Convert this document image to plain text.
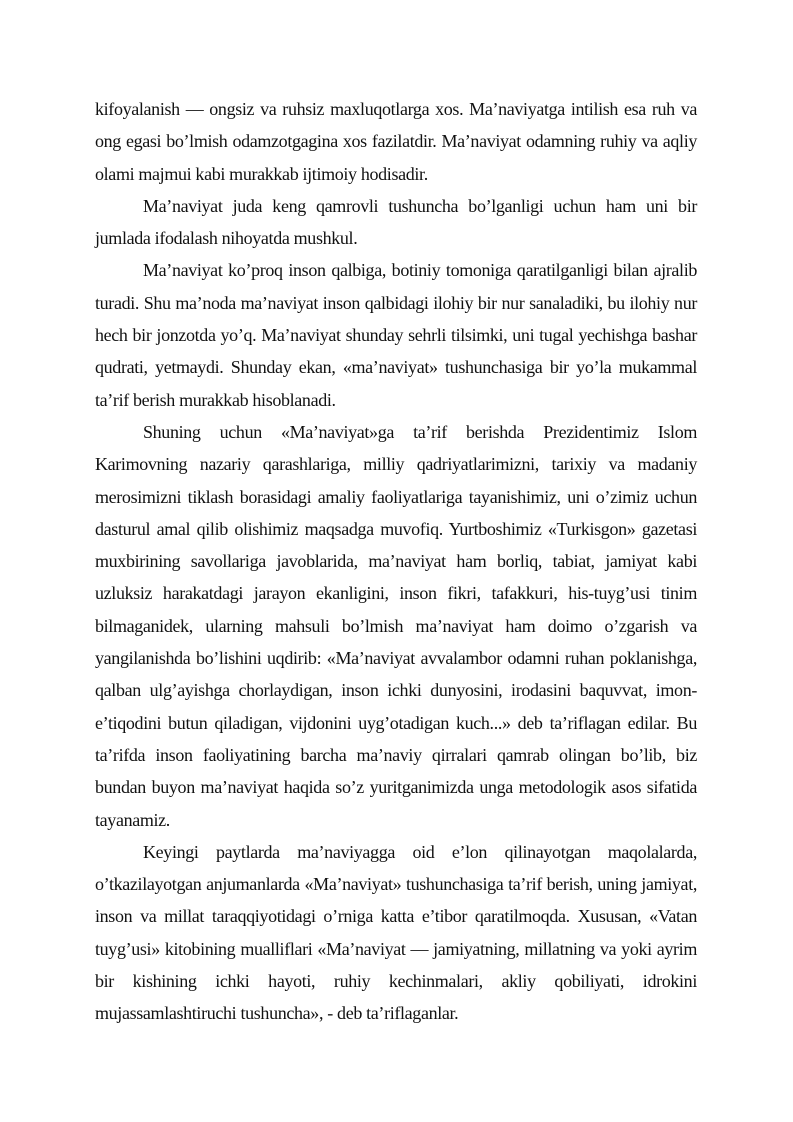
kifoyalanish — ongsiz va ruhsiz maxluqotlarga xos. Ma’naviyatga intilish esa ruh va ong egasi bo’lmish odamzotgagina xos fazilatdir. Ma’naviyat odamning ruhiy va aqliy olami majmui kabi murakkab ijtimoiy hodisadir.

Ma’naviyat juda keng qamrovli tushuncha bo’lganligi uchun ham uni bir jumlada ifodalash nihoyatda mushkul.

Ma’naviyat ko’proq inson qalbiga, botiniy tomoniga qaratilganligi bilan ajralib turadi. Shu ma’noda ma’naviyat inson qalbidagi ilohiy bir nur sanaladiki, bu ilohiy nur hech bir jonzotda yo’q. Ma’naviyat shunday sehrli tilsimki, uni tugal yechishga bashar qudrati, yetmaydi. Shunday ekan, «ma’naviyat» tushunchasiga bir yo’la mukammal ta’rif berish murakkab hisoblanadi.

Shuning uchun «Ma’naviyat»ga ta’rif berishda Prezidentimiz Islom Karimovning nazariy qarashlariga, milliy qadriyatlarimizni, tarixiy va madaniy merosimizni tiklash borasidagi amaliy faoliyatlariga tayanishimiz, uni o’zimiz uchun dasturul amal qilib olishimiz maqsadga muvofiq. Yurtboshimiz «Turkisgon» gazetasi muxbirining savollariga javoblarida, ma’naviyat ham borliq, tabiat, jamiyat kabi uzluksiz harakatdagi jarayon ekanligini, inson fikri, tafakkuri, his-tuyg’usi tinim bilmaganidek, ularning mahsuli bo’lmish ma’naviyat ham doimo o’zgarish va yangilanishda bo’lishini uqdirib: «Ma’naviyat avvalambor odamni ruhan poklanishga, qalban ulg’ayishga chorlaydigan, inson ichki dunyosini, irodasini baquvvat, imon-e’tiqodini butun qiladigan, vijdonini uyg’otadigan kuch...» deb ta’riflagan edilar. Bu ta’rifda inson faoliyatining barcha ma’naviy qirralari qamrab olingan bo’lib, biz bundan buyon ma’naviyat haqida so’z yuritganimizda unga metodologik asos sifatida tayanamiz.

Keyingi paytlarda ma’naviyagga oid e’lon qilinayotgan maqolalarda, o’tkazilayotgan anjumanlarda «Ma’naviyat» tushunchasiga ta’rif berish, uning jamiyat, inson va millat taraqqiyotidagi o’rniga katta e’tibor qaratilmoqda. Xususan, «Vatan tuyg’usi» kitobining mualliflari «Ma’naviyat — jamiyatning, millatning va yoki ayrim bir kishining ichki hayoti, ruhiy kechinmalari, akliy qobiliyati, idrokini mujassamlashtiruchi tushuncha», - deb ta’riflaganlar.
